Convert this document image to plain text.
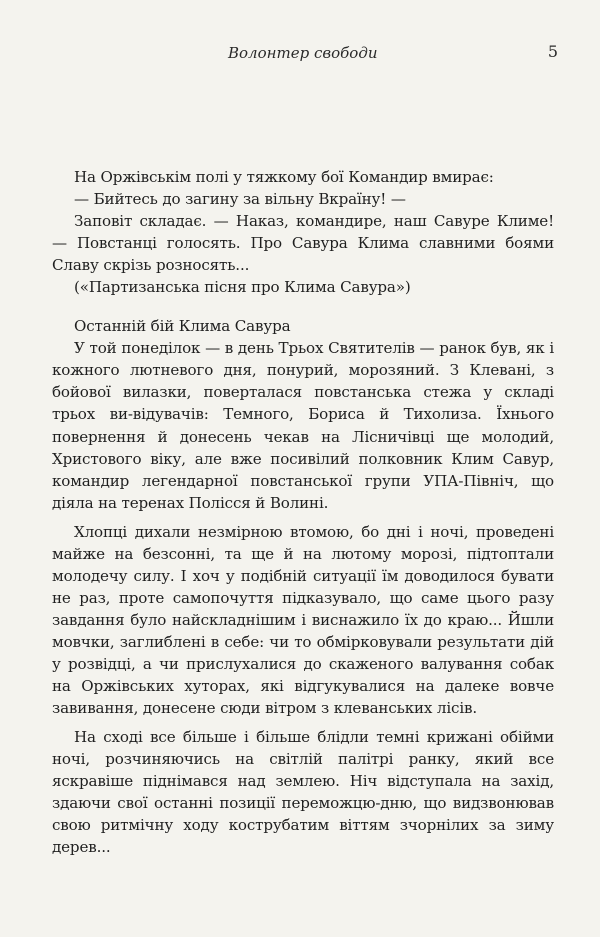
Волонтер свободи	5

На Оржівськім полі у тяжкому бої Командир вмирає:

— Бийтесь до загину за вільну Вкраїну! —

Заповіт складає. — Наказ, командире, наш Савуре Климе! — Повстанці голосять. Про Савура Клима славними боями Славу скрізь розносять...

(«Партизанська пісня про Клима Савура»)

Останній бій Клима Савура

У той понеділок — в день Трьох Святителів — ранок був, як і кожного лютневого дня, понурий, морозяний. З Клевані, з бойової вилазки, поверталася повстанська стежа у складі трьох ви-відувачів: Темного, Бориса й Тихолиза. Їхнього повернення й донесень чекав на Лісничівці ще молодий, Христового віку, але вже посивілий полковник Клим Савур, командир легендарної повстанської групи УПА-Північ, що діяла на теренах Полісся й Волині.

Хлопці дихали незмірною втомою, бо дні і ночі, проведені майже на безсонні, та ще й на лютому морозі, підтоптали молодечу силу. І хоч у подібній ситуації їм доводилося бувати не раз, проте самопочуття підказувало, що саме цього разу завдання було найскладнішим і виснажило їх до краю... Йшли мовчки, заглиблені в себе: чи то обмірковували результати дій у розвідці, а чи прислухалися до скаженого валування собак на Оржівських хуторах, які відгукувалися на далеке вовче завивання, донесене сюди вітром з клеванських лісів.

На сході все більше і більше блідли темні крижані обійми ночі, розчиняючись на світлій палітрі ранку, який все яскравіше піднімався над землею. Ніч відступала на захід, здаючи свої останні позиції переможцю-дню, що видзвонював свою ритмічну ходу кострубатим віттям зчорнілих за зиму дерев...
